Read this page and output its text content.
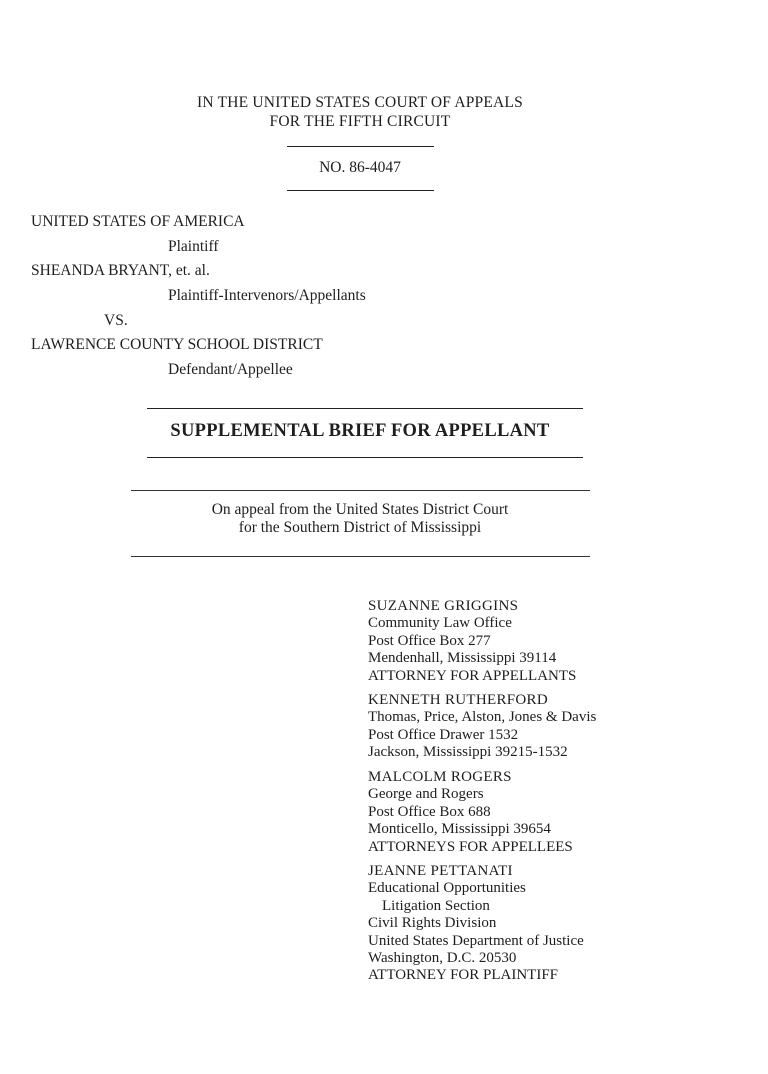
IN THE UNITED STATES COURT OF APPEALS
FOR THE FIFTH CIRCUIT
NO. 86-4047
UNITED STATES OF AMERICA
Plaintiff
SHEANDA BRYANT, et. al.
Plaintiff-Intervenors/Appellants
VS.
LAWRENCE COUNTY SCHOOL DISTRICT
Defendant/Appellee
SUPPLEMENTAL BRIEF FOR APPELLANT
On appeal from the United States District Court
for the Southern District of Mississippi
SUZANNE GRIGGINS
Community Law Office
Post Office Box 277
Mendenhall, Mississippi 39114
ATTORNEY FOR APPELLANTS
KENNETH RUTHERFORD
Thomas, Price, Alston, Jones & Davis
Post Office Drawer 1532
Jackson, Mississippi 39215-1532
MALCOLM ROGERS
George and Rogers
Post Office Box 688
Monticello, Mississippi 39654
ATTORNEYS FOR APPELLEES
JEANNE PETTANATI
Educational Opportunities
Litigation Section
Civil Rights Division
United States Department of Justice
Washington, D.C. 20530
ATTORNEY FOR PLAINTIFF
